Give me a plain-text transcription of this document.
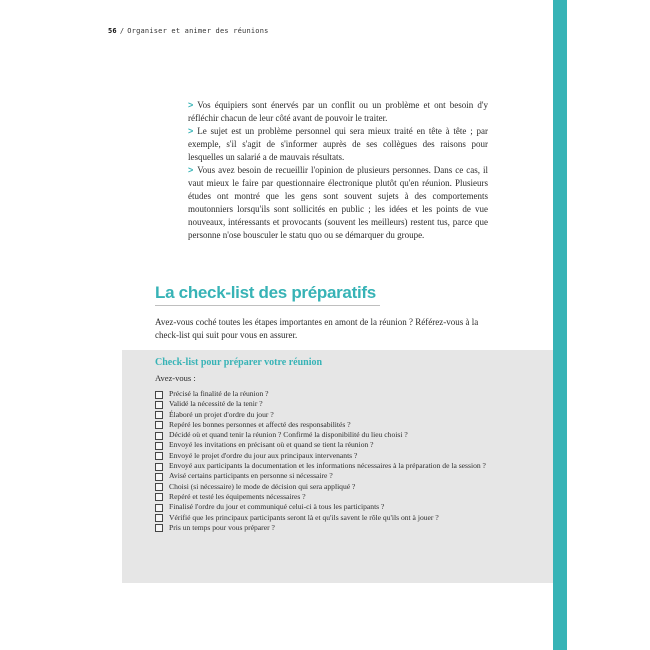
56 / Organiser et animer des réunions

> Vos équipiers sont énervés par un conflit ou un problème et ont besoin d'y réfléchir chacun de leur côté avant de pouvoir le traiter.

> Le sujet est un problème personnel qui sera mieux traité en tête à tête ; par exemple, s'il s'agit de s'informer auprès de ses collègues des raisons pour lesquelles un salarié a de mauvais résultats.

> Vous avez besoin de recueillir l'opinion de plusieurs personnes. Dans ce cas, il vaut mieux le faire par questionnaire électronique plutôt qu'en réunion. Plusieurs études ont montré que les gens sont souvent sujets à des comportements moutonniers lorsqu'ils sont sollicités en public ; les idées et les points de vue nouveaux, intéressants et provocants (souvent les meilleurs) restent tus, parce que personne n'ose bousculer le statu quo ou se démarquer du groupe.

La check-list des préparatifs

Avez-vous coché toutes les étapes importantes en amont de la réunion ? Référez-vous à la check-list qui suit pour vous en assurer.

Check-list pour préparer votre réunion

Avez-vous :

Précisé la finalité de la réunion ?
Validé la nécessité de la tenir ?
Élaboré un projet d'ordre du jour ?
Repéré les bonnes personnes et affecté des responsabilités ?
Décidé où et quand tenir la réunion ? Confirmé la disponibilité du lieu choisi ?
Envoyé les invitations en précisant où et quand se tient la réunion ?
Envoyé le projet d'ordre du jour aux principaux intervenants ?
Envoyé aux participants la documentation et les informations nécessaires à la préparation de la session ?
Avisé certains participants en personne si nécessaire ?
Choisi (si nécessaire) le mode de décision qui sera appliqué ?
Repéré et testé les équipements nécessaires ?
Finalisé l'ordre du jour et communiqué celui-ci à tous les participants ?
Vérifié que les principaux participants seront là et qu'ils savent le rôle qu'ils ont à jouer ?
Pris un temps pour vous préparer ?
